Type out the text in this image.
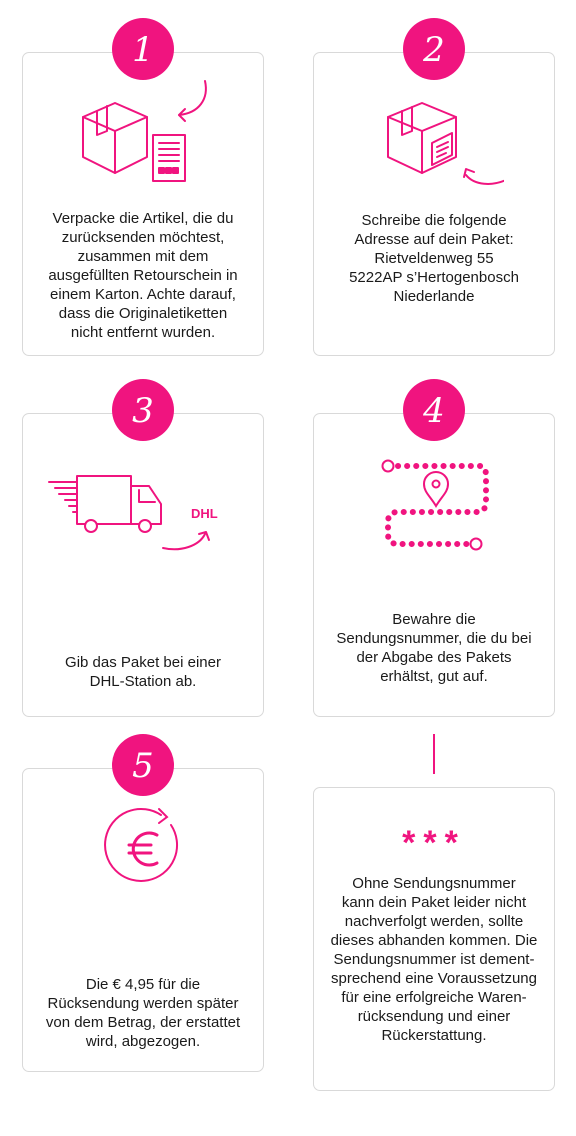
Verpacke die Artikel, die du
zurücksenden möchtest,
zusammen mit dem
ausgefüllten Retourschein in
einem Karton. Achte darauf,
dass die Originaletiketten
nicht entfernt wurden.
1
Schreibe die folgende
Adresse auf dein Paket:
Rietveldenweg 55
5222AP s’Hertogenbosch
Niederlande
2
DHL
Gib das Paket bei einer
DHL-Station ab.
3
Bewahre die
Sendungsnummer, die du bei
der Abgabe des Pakets
erhältst, gut auf.
4
Die € 4,95 für die
Rücksendung werden später
von dem Betrag, der erstattet
wird, abgezogen.
5
***
Ohne Sendungsnummer
kann dein Paket leider nicht
nachverfolgt werden, sollte
dieses abhanden kommen. Die
Sendungsnummer ist dement-
sprechend eine Voraussetzung
für eine erfolgreiche Waren-
rücksendung und einer
Rückerstattung.
